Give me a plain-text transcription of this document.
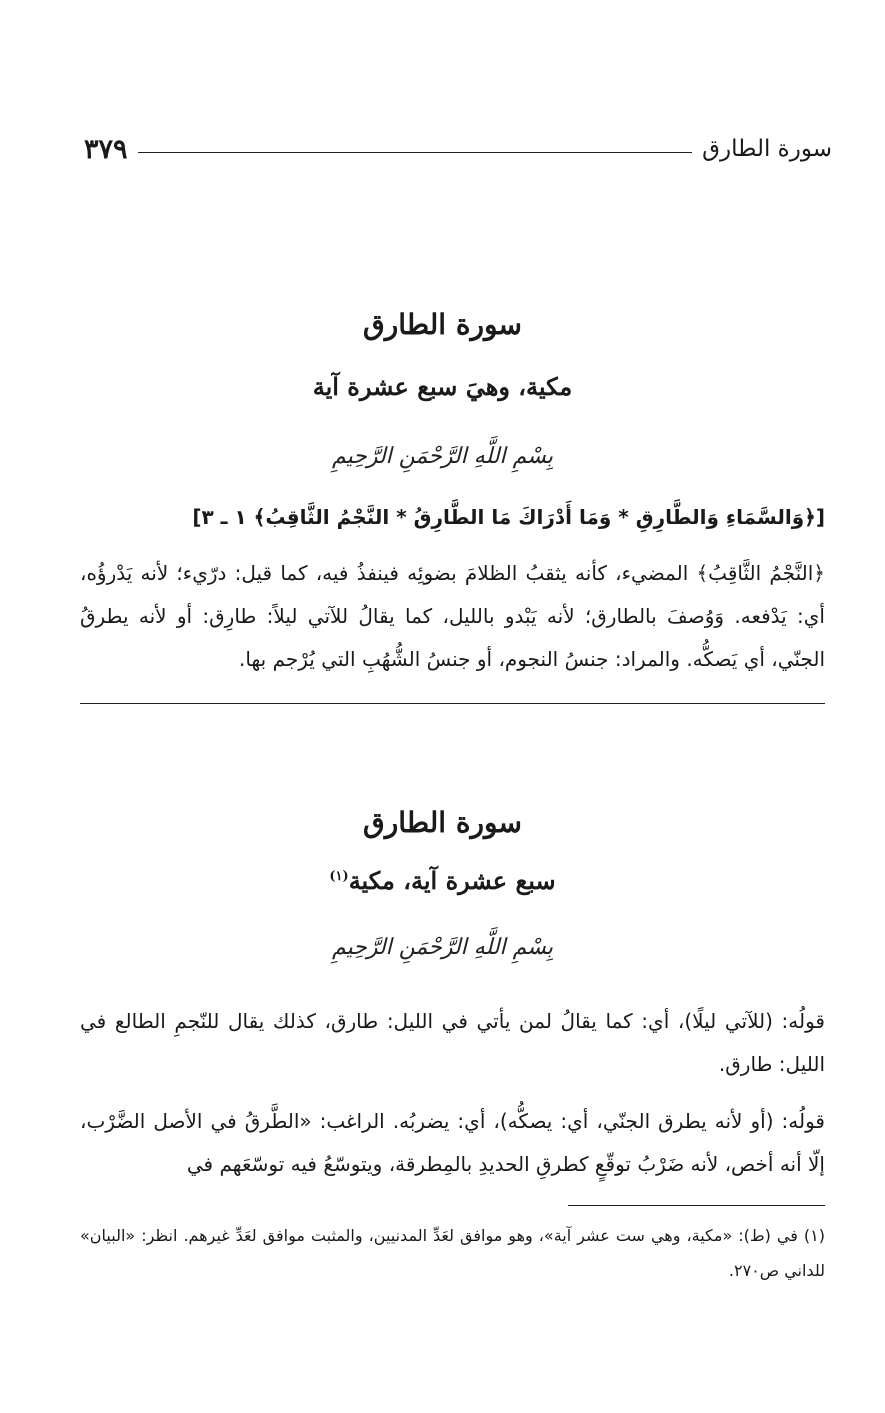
٣٧٩	سورة الطارق
سورة الطارق
مكية، وهيَ سبع عشرة آية
بِسْمِ اللَّهِ الرَّحْمَنِ الرَّحِيمِ
[﴿وَالسَّمَاءِ وَالطَّارِقِ * وَمَا أَدْرَاكَ مَا الطَّارِقُ * النَّجْمُ الثَّاقِبُ﴾ ١ ـ ٣]
﴿النَّجْمُ الثَّاقِبُ﴾ المضيء، كأنه يثقبُ الظلامَ بضوئِه فينفذُ فيه، كما قيل: درّيء؛ لأنه يَدْرؤُه، أي: يَدْفعه. وَوُصفَ بالطارق؛ لأنه يَبْدو بالليل، كما يقالُ للآتي ليلاً: طارِق: أو لأنه يطرقُ الجنّي، أي يَصكُّه. والمراد: جنسُ النجوم، أو جنسُ الشُّهُبِ التي يُرْجم بها.
سورة الطارق
سبع عشرة آية، مكية$^{(١)}$
بِسْمِ اللَّهِ الرَّحْمَنِ الرَّحِيمِ
قولُه: (للآتي ليلًا)، أي: كما يقالُ لمن يأتي في الليل: طارق، كذلك يقال للنّجمِ الطالع في الليل: طارق.
قولُه: (أو لأنه يطرق الجنّي، أي: يصكُّه)، أي: يضربُه. الراغب: «الطَّرقُ في الأصل الضَّرْب، إلّا أنه أخص، لأنه ضَرْبُ توقّعٍ كطرقِ الحديدِ بالمِطرقة، ويتوسّعُ فيه توسّعَهم في
(١) في (ط): «مكية، وهي ست عشر آية»، وهو موافق لعَدِّ المدنيين، والمثبت موافق لعَدِّ غيرهم. انظر: «البيان» للداني ص٢٧٠.
